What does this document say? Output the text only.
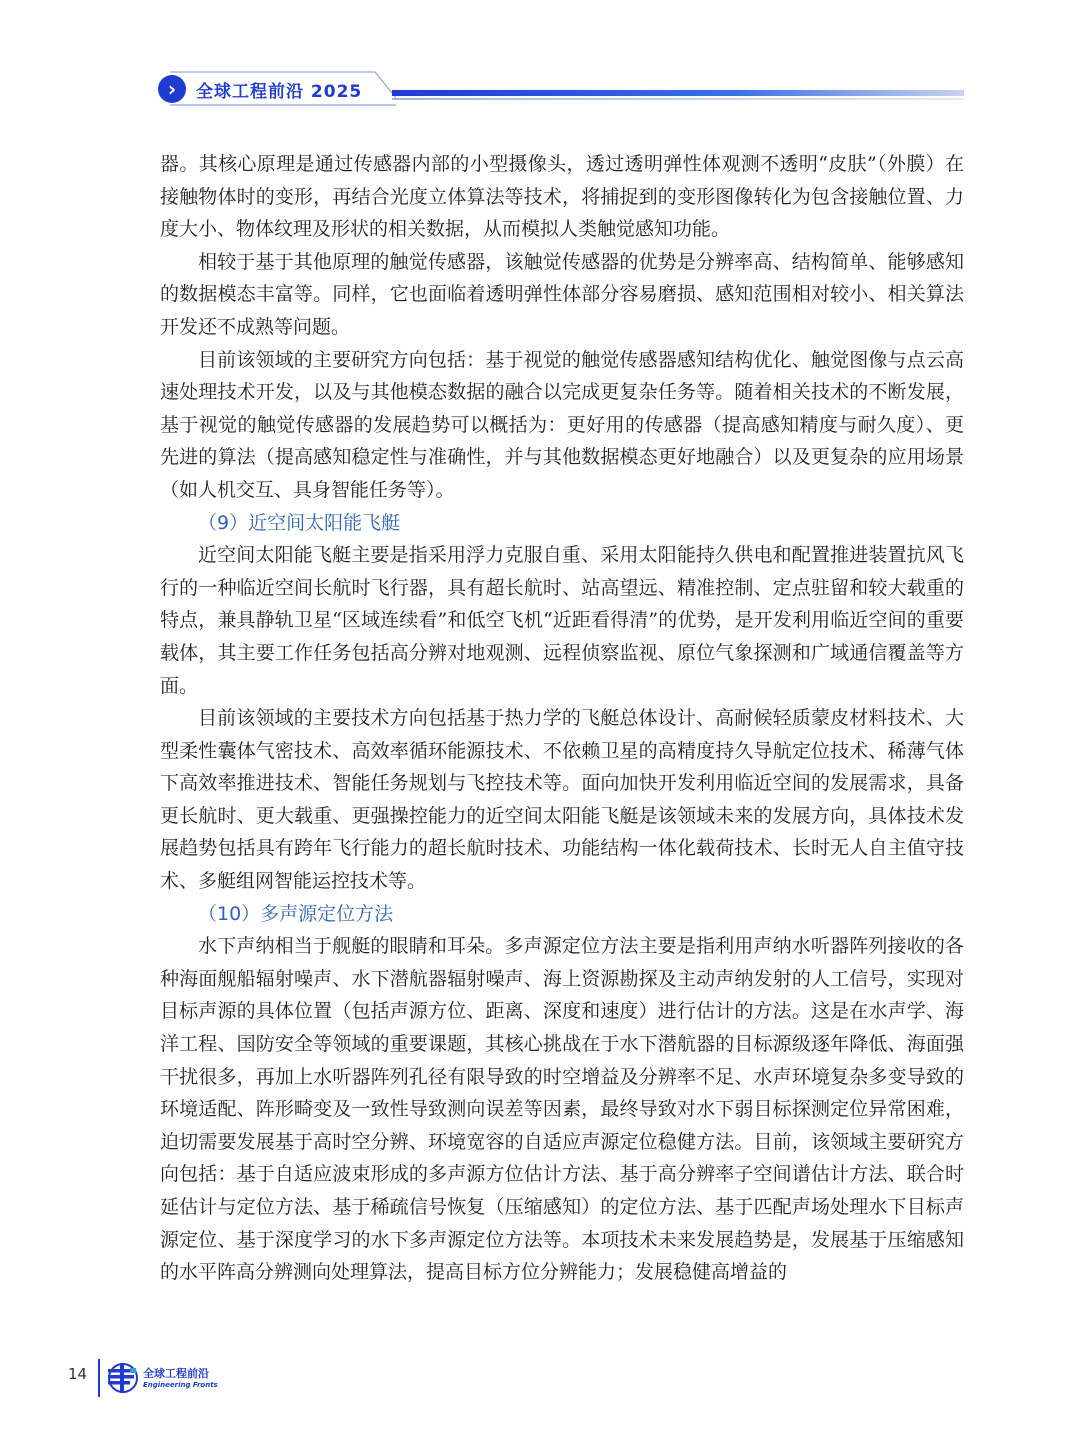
›	全球工程前沿 2025

器。其核心原理是通过传感器内部的小型摄像头，透过透明弹性体观测不透明“皮肤”（外膜）在接触物体时的变形，再结合光度立体算法等技术，将捕捉到的变形图像转化为包含接触位置、力度大小、物体纹理及形状的相关数据，从而模拟人类触觉感知功能。

相较于基于其他原理的触觉传感器，该触觉传感器的优势是分辨率高、结构简单、能够感知的数据模态丰富等。同样，它也面临着透明弹性体部分容易磨损、感知范围相对较小、相关算法开发还不成熟等问题。

目前该领域的主要研究方向包括：基于视觉的触觉传感器感知结构优化、触觉图像与点云高速处理技术开发，以及与其他模态数据的融合以完成更复杂任务等。随着相关技术的不断发展，基于视觉的触觉传感器的发展趋势可以概括为：更好用的传感器（提高感知精度与耐久度）、更先进的算法（提高感知稳定性与准确性，并与其他数据模态更好地融合）以及更复杂的应用场景（如人机交互、具身智能任务等）。

（9）近空间太阳能飞艇

近空间太阳能飞艇主要是指采用浮力克服自重、采用太阳能持久供电和配置推进装置抗风飞行的一种临近空间长航时飞行器，具有超长航时、站高望远、精准控制、定点驻留和较大载重的特点，兼具静轨卫星“区域连续看”和低空飞机“近距看得清”的优势，是开发利用临近空间的重要载体，其主要工作任务包括高分辨对地观测、远程侦察监视、原位气象探测和广域通信覆盖等方面。

目前该领域的主要技术方向包括基于热力学的飞艇总体设计、高耐候轻质蒙皮材料技术、大型柔性囊体气密技术、高效率循环能源技术、不依赖卫星的高精度持久导航定位技术、稀薄气体下高效率推进技术、智能任务规划与飞控技术等。面向加快开发利用临近空间的发展需求，具备更长航时、更大载重、更强操控能力的近空间太阳能飞艇是该领域未来的发展方向，具体技术发展趋势包括具有跨年飞行能力的超长航时技术、功能结构一体化载荷技术、长时无人自主值守技术、多艇组网智能运控技术等。

（10）多声源定位方法

水下声纳相当于舰艇的眼睛和耳朵。多声源定位方法主要是指利用声纳水听器阵列接收的各种海面舰船辐射噪声、水下潜航器辐射噪声、海上资源勘探及主动声纳发射的人工信号，实现对目标声源的具体位置（包括声源方位、距离、深度和速度）进行估计的方法。这是在水声学、海洋工程、国防安全等领域的重要课题，其核心挑战在于水下潜航器的目标源级逐年降低、海面强干扰很多，再加上水听器阵列孔径有限导致的时空增益及分辨率不足、水声环境复杂多变导致的环境适配、阵形畸变及一致性导致测向误差等因素，最终导致对水下弱目标探测定位异常困难，迫切需要发展基于高时空分辨、环境宽容的自适应声源定位稳健方法。目前，该领域主要研究方向包括：基于自适应波束形成的多声源方位估计方法、基于高分辨率子空间谱估计方法、联合时延估计与定位方法、基于稀疏信号恢复（压缩感知）的定位方法、基于匹配声场处理水下目标声源定位、基于深度学习的水下多声源定位方法等。本项技术未来发展趋势是，发展基于压缩感知的水平阵高分辨测向处理算法，提高目标方位分辨能力；发展稳健高增益的

14	全球工程前沿
Engineering Fronts
